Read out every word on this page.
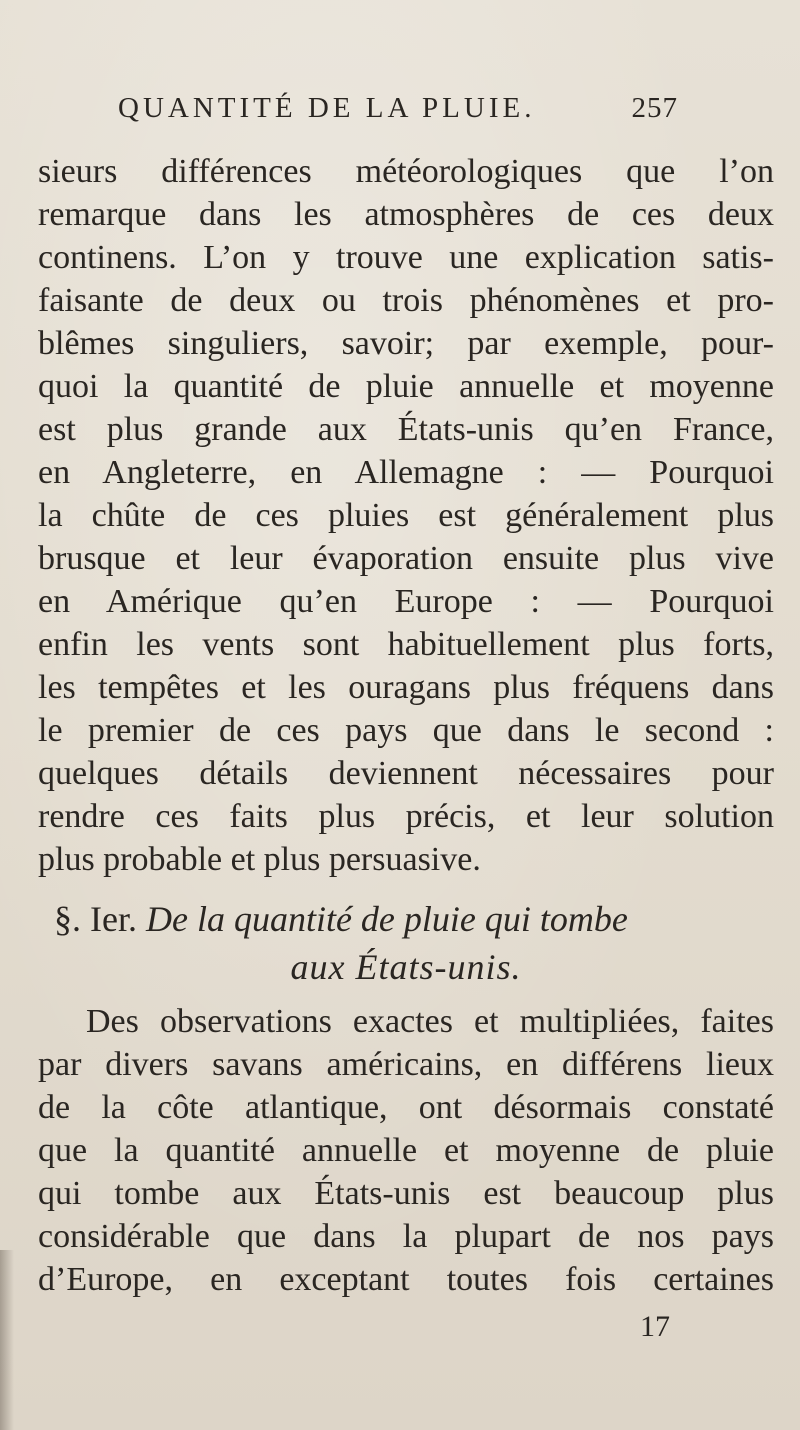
QUANTITÉ DE LA PLUIE.	257
sieurs différences météorologiques que l’on
remarque dans les atmosphères de ces deux
continens. L’on y trouve une explication satis-
faisante de deux ou trois phénomènes et pro-
blêmes singuliers, savoir; par exemple, pour-
quoi la quantité de pluie annuelle et moyenne
est plus grande aux États-unis qu’en France,
en Angleterre, en Allemagne : — Pourquoi
la chûte de ces pluies est généralement plus
brusque et leur évaporation ensuite plus vive
en Amérique qu’en Europe : — Pourquoi
enfin les vents sont habituellement plus forts,
les tempêtes et les ouragans plus fréquens dans
le premier de ces pays que dans le second :
quelques détails deviennent nécessaires pour
rendre ces faits plus précis, et leur solution
plus probable et plus persuasive.
§. Ier. De la quantité de pluie qui tombe
aux États-unis.
Des observations exactes et multipliées, faites
par divers savans américains, en différens lieux
de la côte atlantique, ont désormais constaté
que la quantité annuelle et moyenne de pluie
qui tombe aux États-unis est beaucoup plus
considérable que dans la plupart de nos pays
d’Europe, en exceptant toutes fois certaines
17
